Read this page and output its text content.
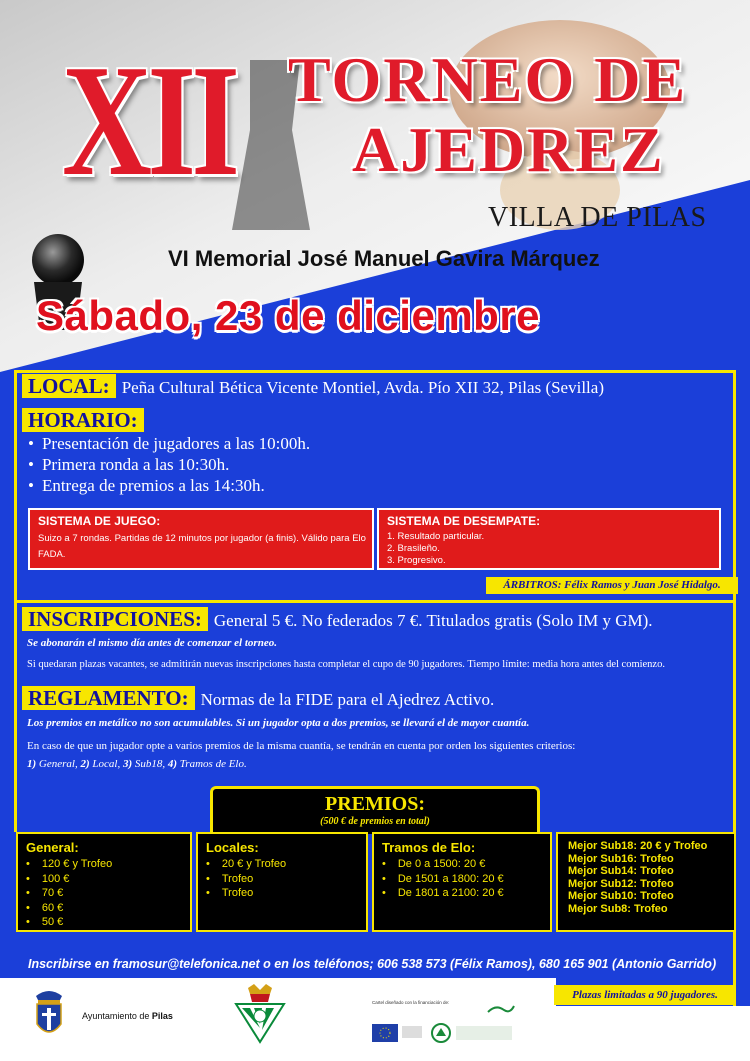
XII TORNEO DE
AJEDREZ
VILLA DE PILAS
VI Memorial José Manuel Gavira Márquez
Sábado, 23 de diciembre
LOCAL: Peña Cultural Bética Vicente Montiel, Avda. Pío XII 32, Pilas (Sevilla)
HORARIO:
• Presentación de jugadores a las 10:00h.
• Primera ronda a las 10:30h.
• Entrega de premios a las 14:30h.
SISTEMA DE JUEGO:
Suizo a 7 rondas. Partidas de 12 minutos por jugador (a finis). Válido para Elo FADA.
SISTEMA DE DESEMPATE:
1. Resultado particular.
2. Brasileño.
3. Progresivo.
ÁRBITROS: Félix Ramos y Juan José Hidalgo.
INSCRIPCIONES: General 5 €. No federados 7 €. Titulados gratis (Solo IM y GM).
Se abonarán el mismo día antes de comenzar el torneo.
Si quedaran plazas vacantes, se admitirán nuevas inscripciones hasta completar el cupo de 90 jugadores. Tiempo límite: media hora antes del comienzo.
REGLAMENTO: Normas de la FIDE para el Ajedrez Activo.
Los premios en metálico no son acumulables. Si un jugador opta a dos premios, se llevará el de mayor cuantía.
En caso de que un jugador opte a varios premios de la misma cuantía, se tendrán en cuenta por orden los siguientes criterios:
1) General, 2) Local, 3) Sub18, 4) Tramos de Elo.
PREMIOS:
(500 € de premios en total)
General:
• 120 € y Trofeo
• 100 €
• 70 €
• 60 €
• 50 €
Locales:
• 20 € y Trofeo
• Trofeo
• Trofeo
Tramos de Elo:
• De 0 a 1500: 20 €
• De 1501 a 1800: 20 €
• De 1801 a 2100: 20 €
Mejor Sub18: 20 € y Trofeo
Mejor Sub16: Trofeo
Mejor Sub14: Trofeo
Mejor Sub12: Trofeo
Mejor Sub10: Trofeo
Mejor Sub8: Trofeo
Inscribirse en framosur@telefonica.net o en los teléfonos; 606 538 573 (Félix Ramos), 680 165 901 (Antonio Garrido)
Plazas limitadas a 90 jugadores.
Ayuntamiento de Pilas
Cartel diseñado con la financiación de:
